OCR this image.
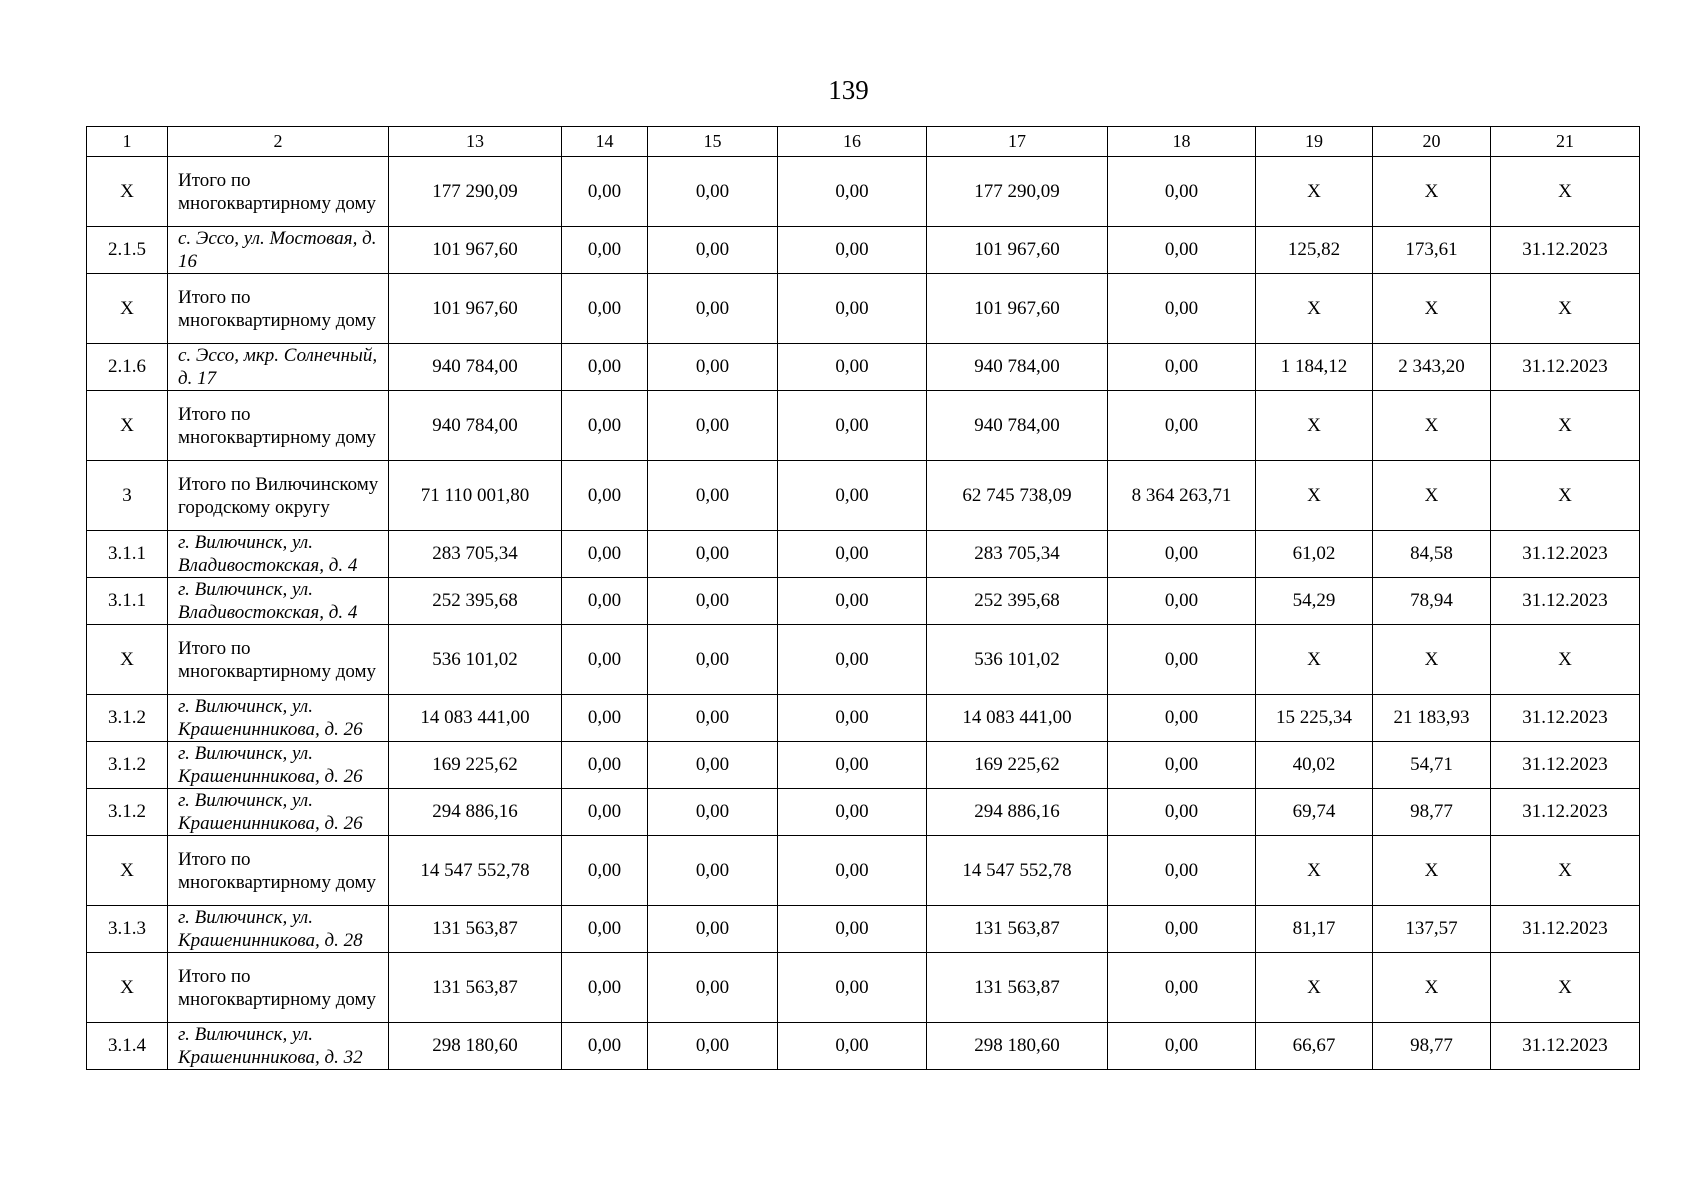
139
1	2	13	14	15	16	17	18	19	20	21
X	Итого по многоквартирному дому	177 290,09	0,00	0,00	0,00	177 290,09	0,00	X	X	X
2.1.5	с. Эссо, ул. Мостовая, д. 16	101 967,60	0,00	0,00	0,00	101 967,60	0,00	125,82	173,61	31.12.2023
X	Итого по многоквартирному дому	101 967,60	0,00	0,00	0,00	101 967,60	0,00	X	X	X
2.1.6	с. Эссо, мкр. Солнечный, д. 17	940 784,00	0,00	0,00	0,00	940 784,00	0,00	1 184,12	2 343,20	31.12.2023
X	Итого по многоквартирному дому	940 784,00	0,00	0,00	0,00	940 784,00	0,00	X	X	X
3	Итого по Вилючинскому городскому округу	71 110 001,80	0,00	0,00	0,00	62 745 738,09	8 364 263,71	X	X	X
3.1.1	г. Вилючинск, ул. Владивостокская, д. 4	283 705,34	0,00	0,00	0,00	283 705,34	0,00	61,02	84,58	31.12.2023
3.1.1	г. Вилючинск, ул. Владивостокская, д. 4	252 395,68	0,00	0,00	0,00	252 395,68	0,00	54,29	78,94	31.12.2023
X	Итого по многоквартирному дому	536 101,02	0,00	0,00	0,00	536 101,02	0,00	X	X	X
3.1.2	г. Вилючинск, ул. Крашенинникова, д. 26	14 083 441,00	0,00	0,00	0,00	14 083 441,00	0,00	15 225,34	21 183,93	31.12.2023
3.1.2	г. Вилючинск, ул. Крашенинникова, д. 26	169 225,62	0,00	0,00	0,00	169 225,62	0,00	40,02	54,71	31.12.2023
3.1.2	г. Вилючинск, ул. Крашенинникова, д. 26	294 886,16	0,00	0,00	0,00	294 886,16	0,00	69,74	98,77	31.12.2023
X	Итого по многоквартирному дому	14 547 552,78	0,00	0,00	0,00	14 547 552,78	0,00	X	X	X
3.1.3	г. Вилючинск, ул. Крашенинникова, д. 28	131 563,87	0,00	0,00	0,00	131 563,87	0,00	81,17	137,57	31.12.2023
X	Итого по многоквартирному дому	131 563,87	0,00	0,00	0,00	131 563,87	0,00	X	X	X
3.1.4	г. Вилючинск, ул. Крашенинникова, д. 32	298 180,60	0,00	0,00	0,00	298 180,60	0,00	66,67	98,77	31.12.2023
